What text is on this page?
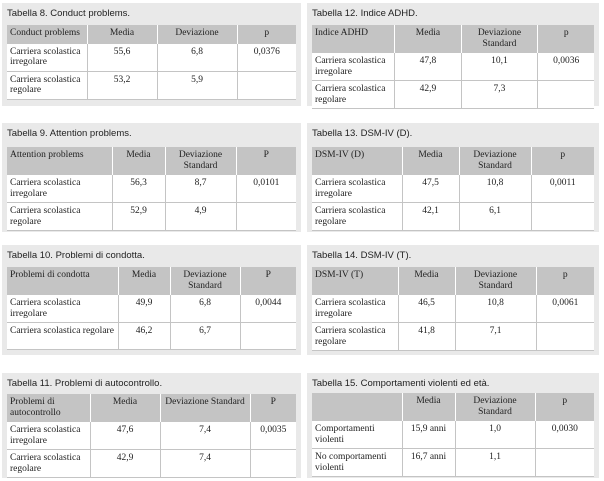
Tabella 8. Conduct problems.
Conduct problems	Media	Deviazione	p
Carriera scolastica irregolare	55,6	6,8	0,0376
Carriera scolastica regolare	53,2	5,9	
Tabella 9. Attention problems.
Attention problems	Media	Deviazione Standard	P
Carriera scolastica irregolare	56,3	8,7	0,0101
Carriera scolastica regolare	52,9	4,9	
Tabella 10. Problemi di condotta.
Problemi di condotta	Media	Deviazione Standard	P
Carriera scolastica irregolare	49,9	6,8	0,0044
Carriera scolastica regolare	46,2	6,7	
Tabella 11. Problemi di autocontrollo.
Problemi di autocontrollo	Media	Deviazione Standard	P
Carriera scolastica irregolare	47,6	7,4	0,0035
Carriera scolastica regolare	42,9	7,4	
Tabella 12. Indice ADHD.
Indice ADHD	Media	Deviazione Standard	p
Carriera scolastica irregolare	47,8	10,1	0,0036
Carriera scolastica regolare	42,9	7,3	
Tabella 13. DSM-IV (D).
DSM-IV (D)	Media	Deviazione Standard	p
Carriera scolastica irregolare	47,5	10,8	0,0011
Carriera scolastica regolare	42,1	6,1	
Tabella 14. DSM-IV (T).
DSM-IV (T)	Media	Deviazione Standard	p
Carriera scolastica irregolare	46,5	10,8	0,0061
Carriera scolastica regolare	41,8	7,1	
Tabella 15. Comportamenti violenti ed età.
	Media	Deviazione Standard	p
Comportamenti violenti	15,9 anni	1,0	0,0030
No comportamenti violenti	16,7 anni	1,1	
